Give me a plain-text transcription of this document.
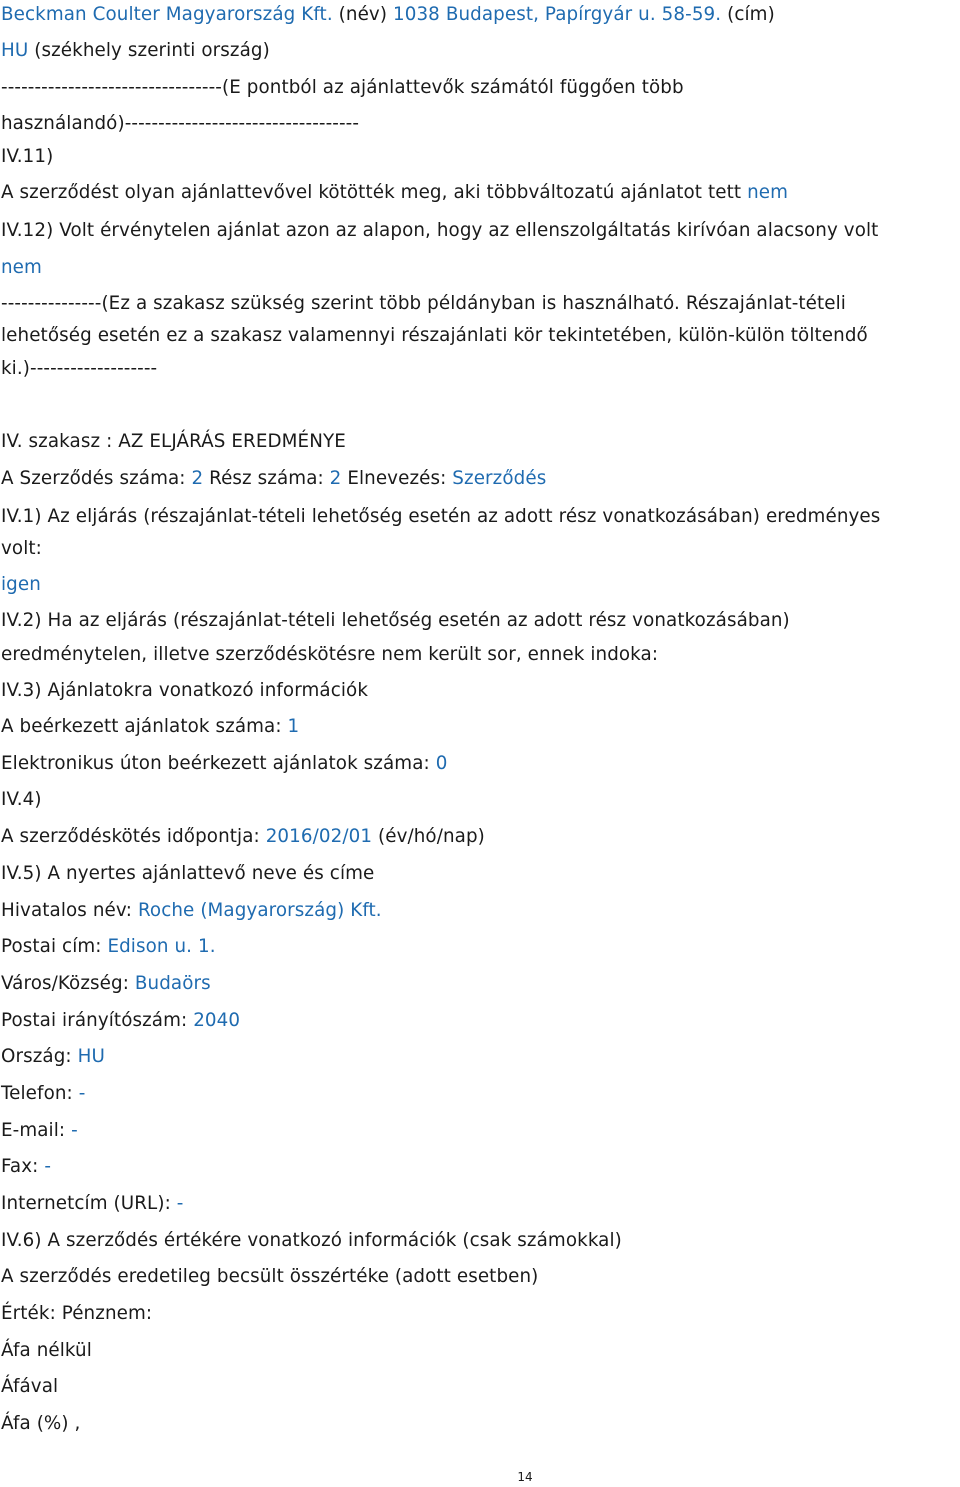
Beckman Coulter Magyarország Kft. (név) 1038 Budapest, Papírgyár u. 58-59. (cím)
HU (székhely szerinti ország)
---------------------------------(E pontból az ajánlattevők számától függően több
használandó)-----------------------------------
IV.11)
A szerződést olyan ajánlattevővel kötötték meg, aki többváltozatú ajánlatot tett nem
IV.12) Volt érvénytelen ajánlat azon az alapon, hogy az ellenszolgáltatás kirívóan alacsony volt
nem
---------------(Ez a szakasz szükség szerint több példányban is használható. Részajánlat-tételi
lehetőség esetén ez a szakasz valamennyi részajánlati kör tekintetében, külön-külön töltendő
ki.)-------------------
IV. szakasz : AZ ELJÁRÁS EREDMÉNYE
A Szerződés száma: 2 Rész száma: 2 Elnevezés: Szerződés
IV.1) Az eljárás (részajánlat-tételi lehetőség esetén az adott rész vonatkozásában) eredményes
volt:
igen
IV.2) Ha az eljárás (részajánlat-tételi lehetőség esetén az adott rész vonatkozásában)
eredménytelen, illetve szerződéskötésre nem került sor, ennek indoka:
IV.3) Ajánlatokra vonatkozó információk
A beérkezett ajánlatok száma: 1
Elektronikus úton beérkezett ajánlatok száma: 0
IV.4)
A szerződéskötés időpontja: 2016/02/01 (év/hó/nap)
IV.5) A nyertes ajánlattevő neve és címe
Hivatalos név: Roche (Magyarország) Kft.
Postai cím: Edison u. 1.
Város/Község: Budaörs
Postai irányítószám: 2040
Ország: HU
Telefon: -
E-mail: -
Fax: -
Internetcím (URL): -
IV.6) A szerződés értékére vonatkozó információk (csak számokkal)
A szerződés eredetileg becsült összértéke (adott esetben)
Érték: Pénznem:
Áfa nélkül
Áfával
Áfa (%) ,
14
